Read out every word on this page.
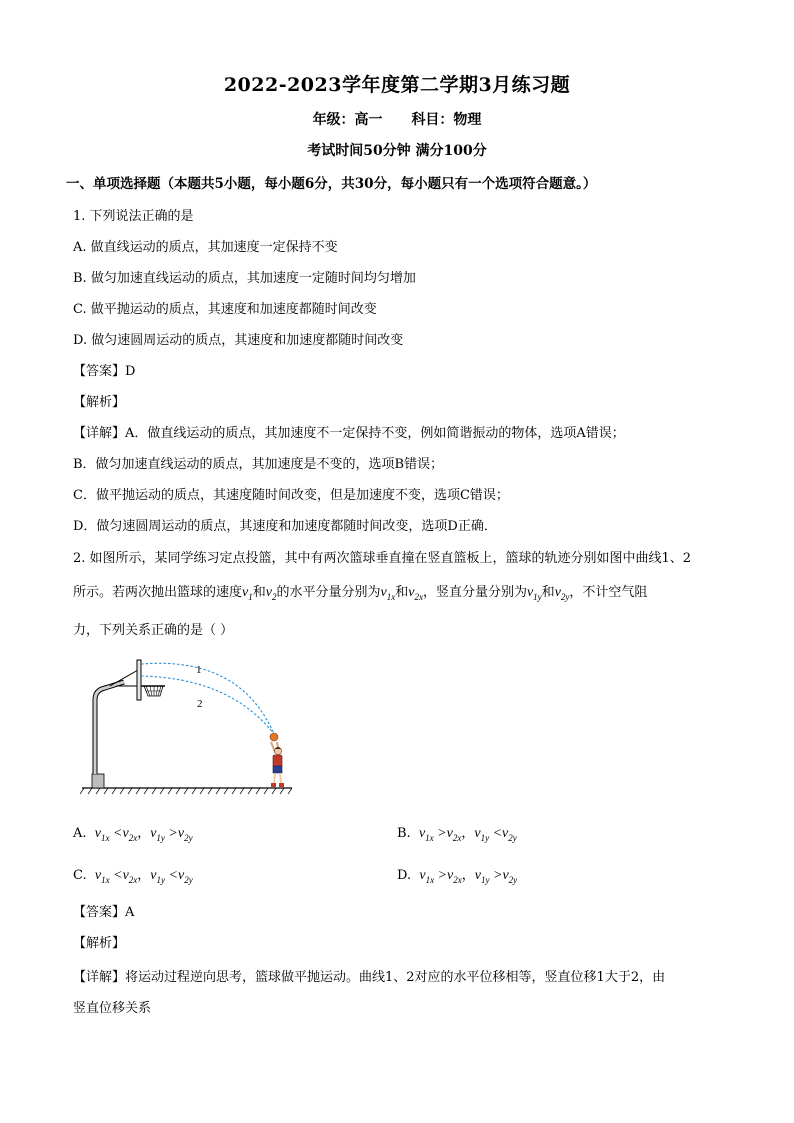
2022-2023学年度第二学期3月练习题
年级：高一 科目：物理
考试时间50分钟 满分100分
一、单项选择题（本题共5小题，每小题6分，共30分，每小题只有一个选项符合题意。）
1. 下列说法正确的是
A. 做直线运动的质点，其加速度一定保持不变
B. 做匀加速直线运动的质点，其加速度一定随时间均匀增加
C. 做平抛运动的质点，其速度和加速度都随时间改变
D. 做匀速圆周运动的质点，其速度和加速度都随时间改变
【答案】D
【解析】
【详解】A．做直线运动的质点，其加速度不一定保持不变，例如简谐振动的物体，选项A错误；
B．做匀加速直线运动的质点，其加速度是不变的，选项B错误；
C．做平抛运动的质点，其速度随时间改变，但是加速度不变，选项C错误；
D．做匀速圆周运动的质点，其速度和加速度都随时间改变，选项D正确．
2. 如图所示，某同学练习定点投篮，其中有两次篮球垂直撞在竖直篮板上，篮球的轨迹分别如图中曲线1、2
所示。若两次抛出篮球的速度$v_1$和$v_2$的水平分量分别为$v_{1x}$和$v_{2x}$，竖直分量分别为$v_{1y}$和$v_{2y}$，不计空气阻
力，下列关系正确的是（ ）
1
2
A. $v_{1x} <v_{2x}$，$v_{1y} >v_{2y}$	B. $v_{1x} >v_{2x}$，$v_{1y} <v_{2y}$
C. $v_{1x} <v_{2x}$，$v_{1y} <v_{2y}$	D. $v_{1x} >v_{2x}$，$v_{1y} >v_{2y}$
【答案】A
【解析】
【详解】将运动过程逆向思考，篮球做平抛运动。曲线1、2对应的水平位移相等，竖直位移1大于2，由
竖直位移关系
